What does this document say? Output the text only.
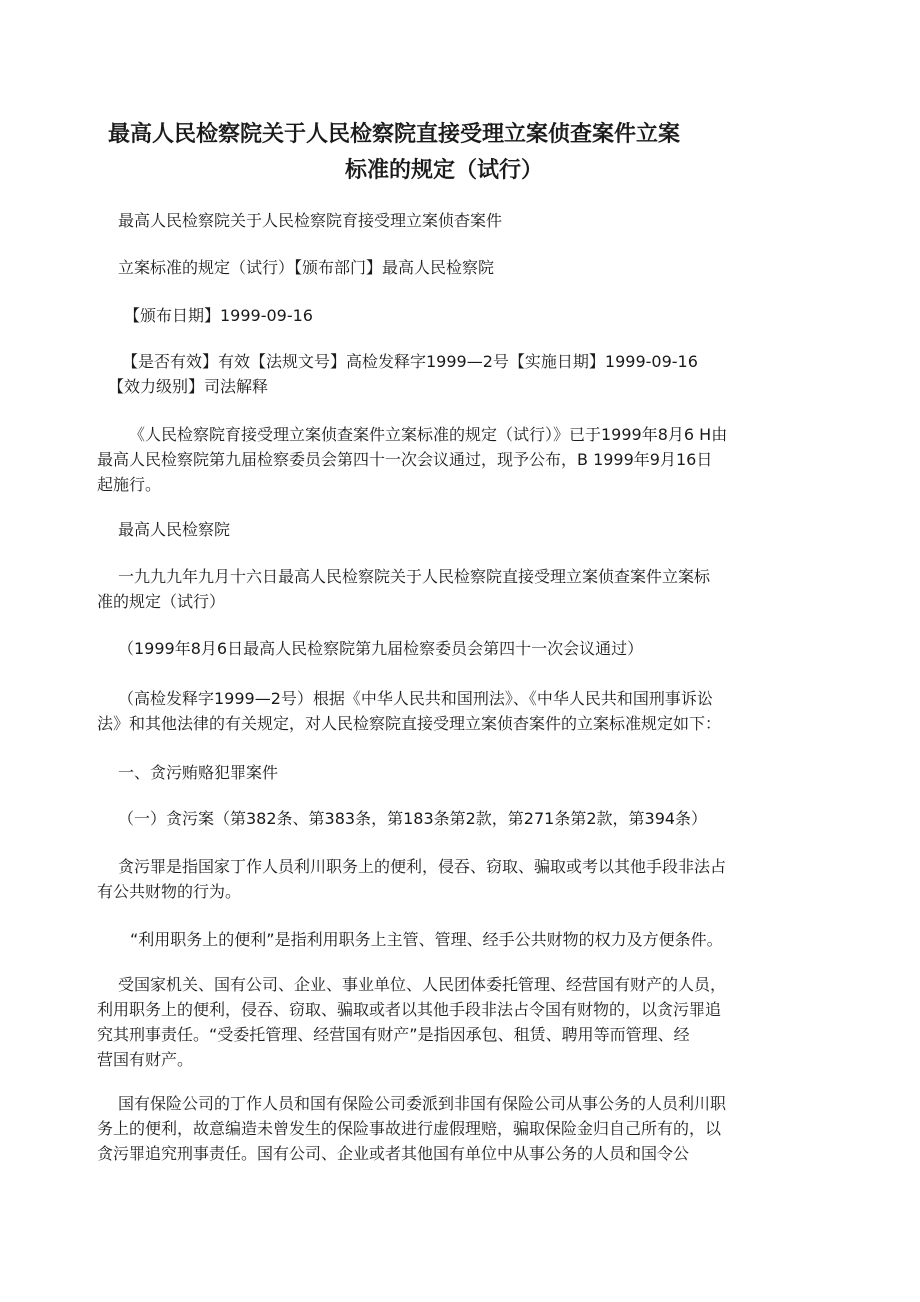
最高人民检察院关于人民检察院直接受理立案侦查案件立案
标准的规定（试行）
最高人民检察院关于人民检察院育接受理立案侦杳案件
立案标准的规定（试行）【颁布部门】最高人民检察院
【颁布日期】1999-09-16
【是否有效】有效【法规文号】高检发释字1999—2号【实施日期】1999-09-16
【效力级别】司法解释
《人民检察院育接受理立案侦查案件立案标准的规定（试行）》已于1999年8月6 H由
最高人民检察院第九届检察委员会第四十一次会议通过，现予公布，B 1999年9月16日
起施行。
最高人民检察院
一九九九年九月十六日最高人民检察院关于人民检察院直接受理立案侦查案件立案标
准的规定（试行）
（1999年8月6日最高人民检察院第九届检察委员会第四十一次会议通过）
（高检发释字1999—2号）根据《中华人民共和国刑法》、《中华人民共和国刑事诉讼
法》和其他法律的有关规定，对人民检察院直接受理立案侦杳案件的立案标准规定如下：
一、贪污贿赂犯罪案件
（一）贪污案（第382条、第383条，第183条第2款，第271条第2款，第394条）
贪污罪是指国家丁作人员利川职务上的便利，侵吞、窃取、骗取或考以其他手段非法占
有公共财物的行为。
“利用职务上的便利”是指利用职务上主管、管理、经手公共财物的权力及方便条件。
受国家机关、国有公司、企业、事业单位、人民团体委托管理、经营国有财产的人员，
利用职务上的便利，侵吞、窃取、骗取或者以其他手段非法占令国有财物的，以贪污罪追
究其刑事责任。“受委托管理、经营国有财产”是指因承包、租赁、聘用等而管理、经
营国有财产。
国有保险公司的丁作人员和国有保险公司委派到非国有保险公司从事公务的人员利川职
务上的便利，故意编造未曾发生的保险事故进行虚假理赔，骗取保险金归自己所有的，以
贪污罪追究刑事责任。国有公司、企业或者其他国有单位中从事公务的人员和国令公
